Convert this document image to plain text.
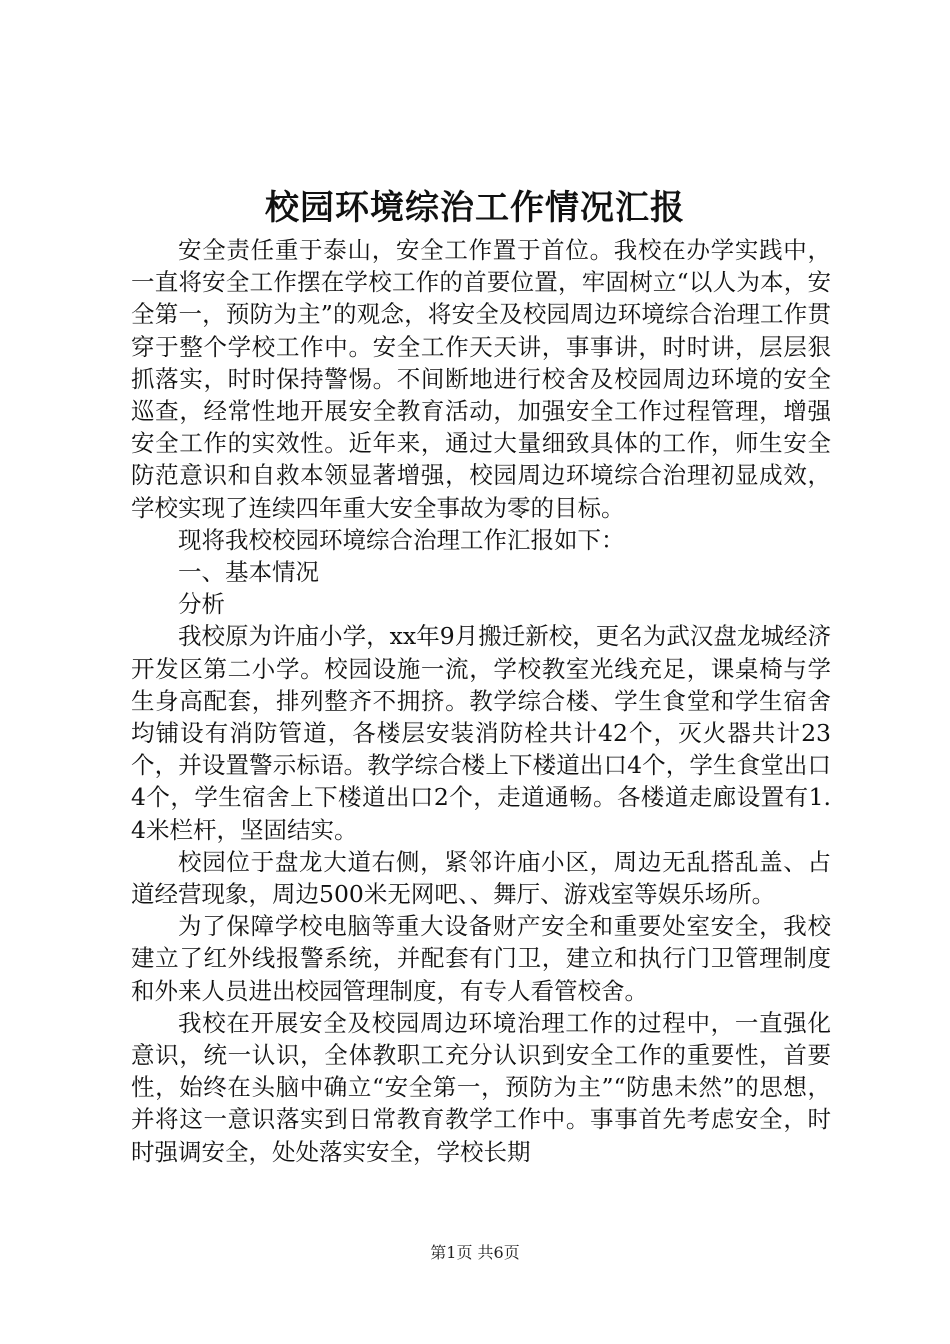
校园环境综治工作情况汇报

安全责任重于泰山，安全工作置于首位。我校在办学实践中，一直将安全工作摆在学校工作的首要位置，牢固树立“以人为本，安全第一，预防为主”的观念，将安全及校园周边环境综合治理工作贯穿于整个学校工作中。安全工作天天讲，事事讲，时时讲，层层狠抓落实，时时保持警惕。不间断地进行校舍及校园周边环境的安全巡查，经常性地开展安全教育活动，加强安全工作过程管理，增强安全工作的实效性。近年来，通过大量细致具体的工作，师生安全防范意识和自救本领显著增强，校园周边环境综合治理初显成效，学校实现了连续四年重大安全事故为零的目标。

现将我校校园环境综合治理工作汇报如下：

一、基本情况

分析

我校原为许庙小学，xx年9月搬迁新校，更名为武汉盘龙城经济开发区第二小学。校园设施一流，学校教室光线充足，课桌椅与学生身高配套，排列整齐不拥挤。教学综合楼、学生食堂和学生宿舍均铺设有消防管道，各楼层安装消防栓共计42个，灭火器共计23个，并设置警示标语。教学综合楼上下楼道出口4个，学生食堂出口4个，学生宿舍上下楼道出口2个，走道通畅。各楼道走廊设置有1.4米栏杆，坚固结实。

校园位于盘龙大道右侧，紧邻许庙小区，周边无乱搭乱盖、占道经营现象，周边500米无网吧、、舞厅、游戏室等娱乐场所。

为了保障学校电脑等重大设备财产安全和重要处室安全，我校建立了红外线报警系统，并配套有门卫，建立和执行门卫管理制度和外来人员进出校园管理制度，有专人看管校舍。

我校在开展安全及校园周边环境治理工作的过程中，一直强化意识，统一认识，全体教职工充分认识到安全工作的重要性，首要性，始终在头脑中确立“安全第一，预防为主”“防患未然”的思想，并将这一意识落实到日常教育教学工作中。事事首先考虑安全，时时强调安全，处处落实安全，学校长期

第1页 共6页
